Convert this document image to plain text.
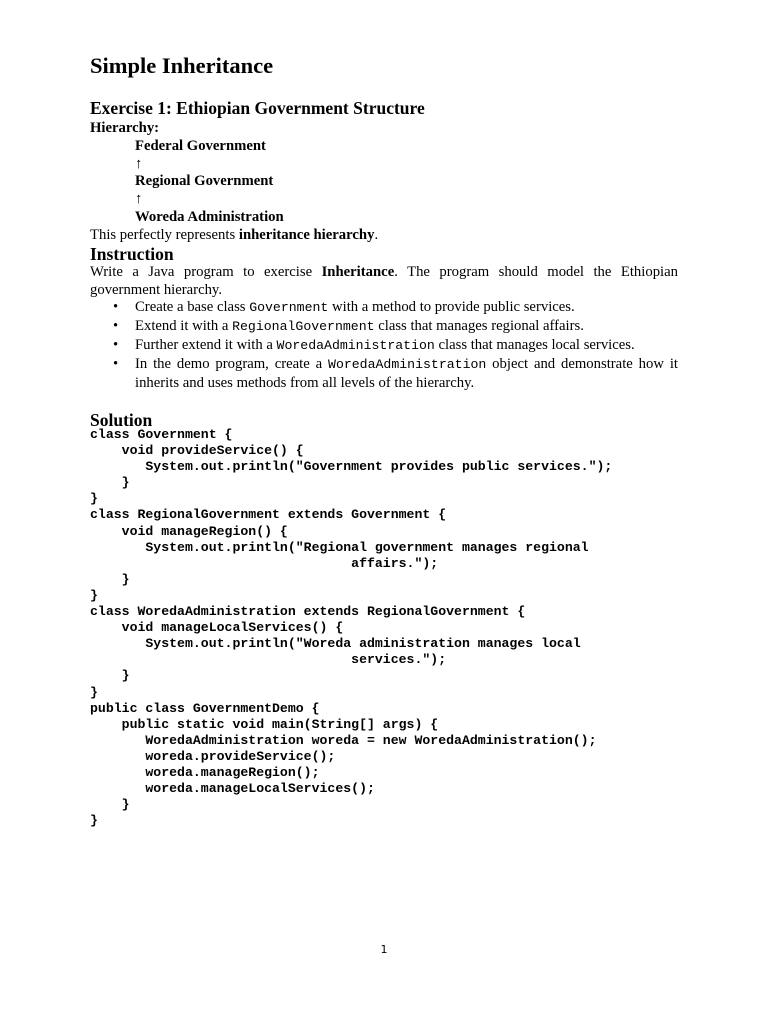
Simple Inheritance
Exercise 1: Ethiopian Government Structure
Hierarchy:
Federal Government
↑
Regional Government
↑
Woreda Administration
This perfectly represents inheritance hierarchy.
Instruction
Write a Java program to exercise Inheritance. The program should model the Ethiopian government hierarchy.
• Create a base class Government with a method to provide public services.
• Extend it with a RegionalGovernment class that manages regional affairs.
• Further extend it with a WoredaAdministration class that manages local services.
• In the demo program, create a WoredaAdministration object and demonstrate how it inherits and uses methods from all levels of the hierarchy.
Solution
class Government {
void provideService() {
System.out.println("Government provides public services.");
}
}
class RegionalGovernment extends Government {
void manageRegion() {
System.out.println("Regional government manages regional
affairs.");
}
}
class WoredaAdministration extends RegionalGovernment {
void manageLocalServices() {
System.out.println("Woreda administration manages local
services.");
}
}
public class GovernmentDemo {
public static void main(String[] args) {
WoredaAdministration woreda = new WoredaAdministration();
woreda.provideService();
woreda.manageRegion();
woreda.manageLocalServices();
}
}
1
